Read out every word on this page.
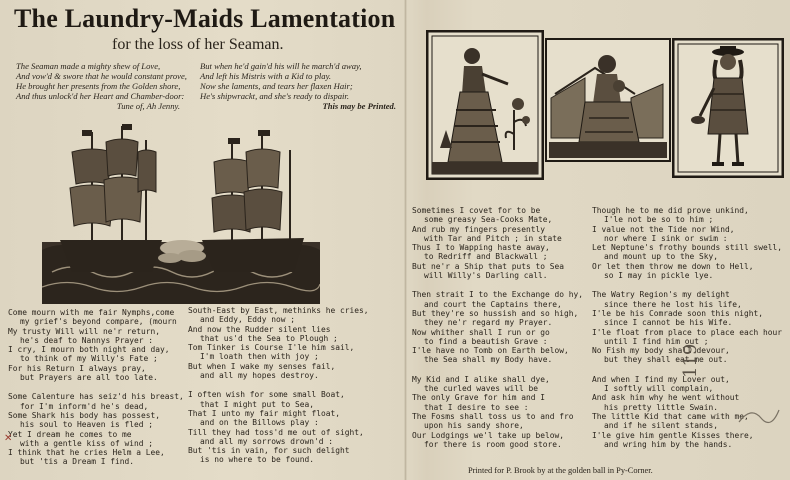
The Laundry-Maids Lamentation
for the loss of her Seaman.
The Seaman made a mighty shew of Love,
And vow'd & swore that he would constant prove,
He brought her presents from the Golden shore,
And thus unlock'd her Heart and Chamber-door:
Tune of, Ah Jenny.
But when he'd gain'd his will he march'd away,
And left his Mistris with a Kid to play.
Now she laments, and tears her flaxen Hair;
He's shipwrackt, and she's ready to dispair.
This may be Printed.
Come mourn with me fair Nymphs,come
my grief's beyond compare, (mourn
My trusty Will will ne'r return,
he's deaf to Nannys Prayer :
I cry, I mourn both night and day,
to think of my Willy's Fate ;
For his Return I always pray,
but Prayers are all too late.
Some Calenture has seiz'd his breast,
for I'm inform'd he's dead,
Some Shark his body has possest,
his soul to Heaven is fled ;
Yet I dream he comes to me
with a gentle kiss of wind ;
I think that he cries Helm a Lee,
but 'tis a Dream I find.
South-East by East, methinks he cries,
and Eddy, Eddy now ;
And now the Rudder silent lies
that us'd the Sea to Plough ;
Tom Tinker is Course I'le him sail,
I'm loath then with joy ;
But when I wake my senses fail,
and all my hopes destroy.
I often wish for some small Boat,
that I might put to Sea,
That I unto my fair might float,
and on the Billows play :
Till they had toss'd me out of sight,
and all my sorrows drown'd :
But 'tis in vain, for such delight
is no where to be found.
Sometimes I covet for to be
some greasy Sea-Cooks Mate,
And rub my fingers presently
with Tar and Pitch ; in state
Thus I to Wapping haste away,
to Redriff and Blackwall ;
But ne'r a Ship that puts to Sea
will Willy's Darling call.
Then strait I to the Exchange do hy,
and court the Captains there,
But they're so hussish and so high,
they ne'r regard my Prayer.
Now whither shall I run or go
to find a beautish Grave :
I'le have no Tomb on Earth below,
the Sea shall my Body have.
My Kid and I alike shall dye,
the curled waves will be
The only Grave for him and I
that I desire to see :
The Fosms shall toss us to and fro
upon his sandy shore,
Our Lodgings we'l take up below,
for there is room good store.
Though he to me did prove unkind,
I'le not be so to him ;
I value not the Tide nor Wind,
nor where I sink or swim :
Let Neptune's frothy bounds still swell,
and mount up to the Sky,
Or let them throw me down to Hell,
so I may in pickle lye.
The Watry Region's my delight
since there he lost his life,
I'le be his Comrade soon this night,
since I cannot be his Wife.
I'le float from place to place each hour
until I find him out ;
No Fish my body shall devour,
but they shall eat me out.
And when I find my Lover out,
I softly will complain,
And ask him why he went without
his pretty little Swain.
The little Kid that came with me,
and if he silent stands,
I'le give him gentle Kisses there,
and wring him by the hands.
Printed for P. Brook by at the golden ball in Py-Corner.
119
✕
